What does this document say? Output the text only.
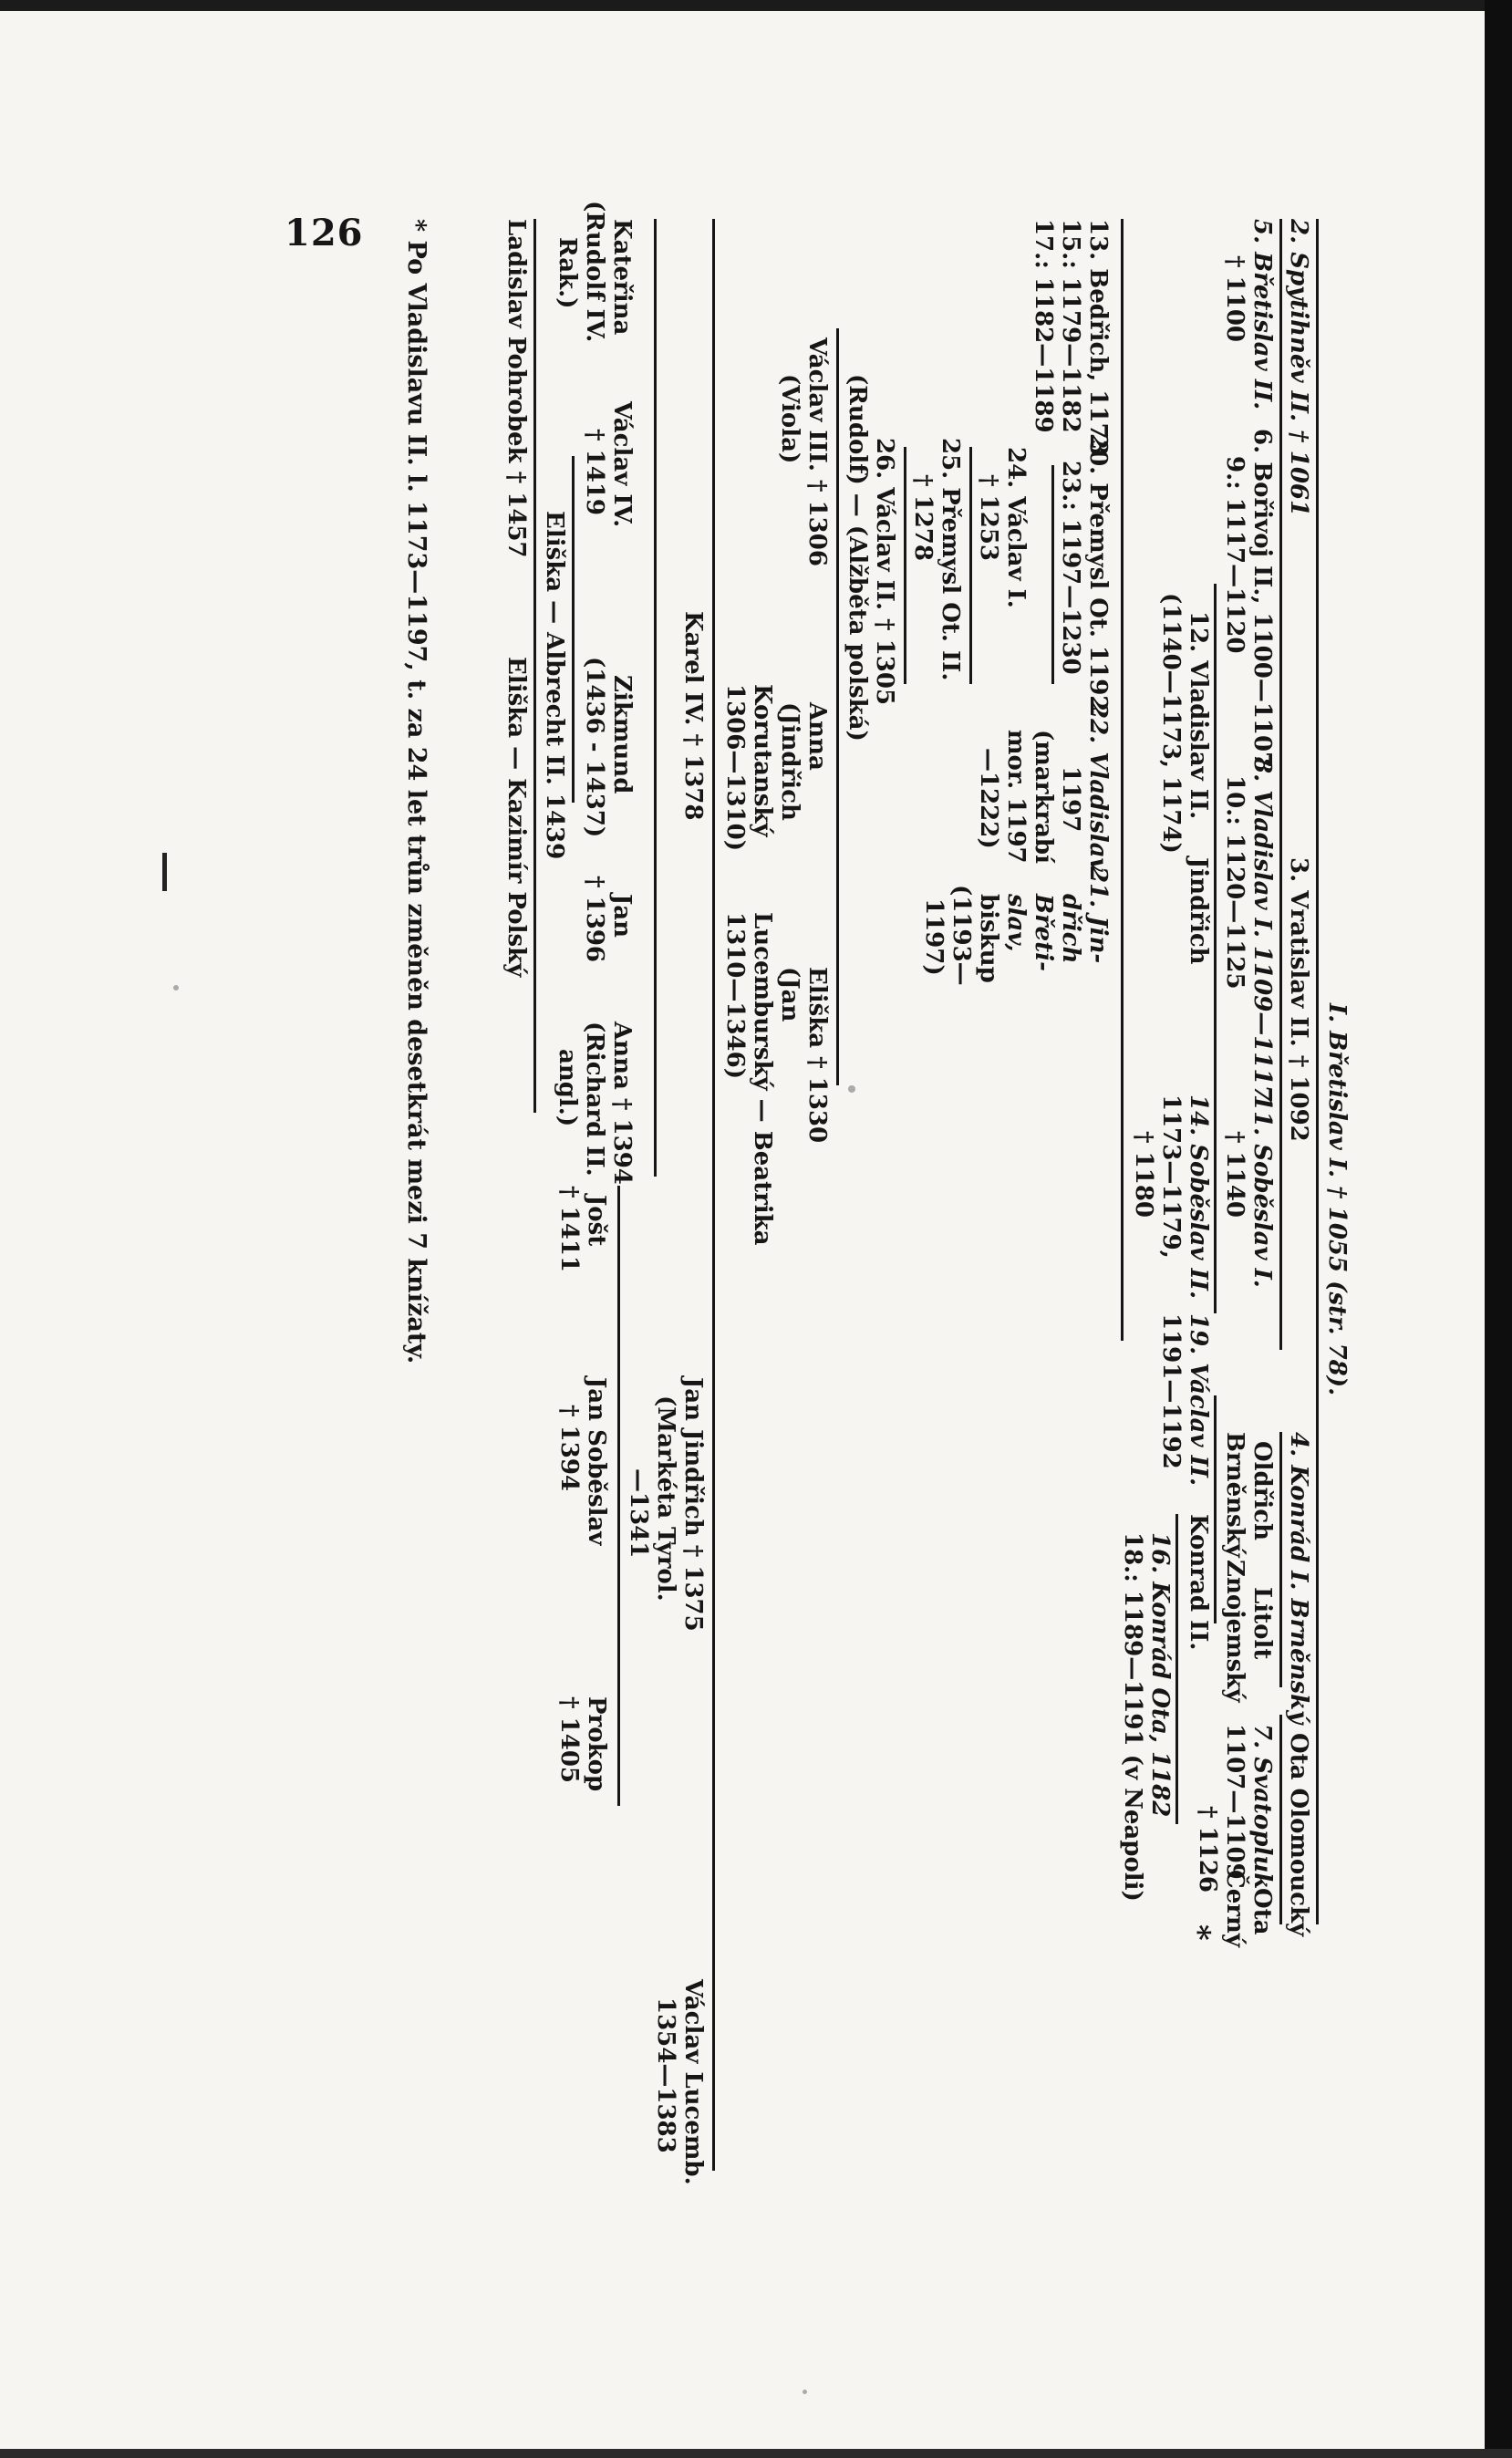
126
I. Břetislav I. † 1055 (str. 78).
2. Spytihněv II. † 1061
3. Vratislav II. † 1092
4. Konrád I. Brněnský
Ota Olomoucký
5. Břetislav II.
† 1100
6. Bořivoj II., 1100—1107
9.: 1117—1120
8. Vladislav I. 1109—1117
10.: 1120—1125
11. Soběslav I.
† 1140
Oldřich
Brněnský
Litolt
Znojemský
7. Svatopluk
1107—1109
† 1126
Ota
Černý
12. Vladislav II.
(1140—1173, 1174)
Jindřich
14. Soběslav II.
1173—1179,
† 1180
19. Václav II.
1191—1192
Konrad II.
16. Konrád Ota, 1182
18.: 1189—1191 (v Neapoli)
*
13. Bedřich, 1173
15.: 1179—1182
17.: 1182—1189
20. Přemysl Ot. 1192
23.: 1197—1230
22. Vladislav
1197
(markrabí
mor. 1197
—1222)
21. Jin-
dřich
Břeti-
slav,
biskup
(1193—
1197)
24. Václav I.
† 1253
25. Přemysl Ot. II.
† 1278
26. Václav II. † 1305
(Rudolf) — (Alžběta polská)
Václav III. † 1306
(Viola)
Anna
(Jindřich
Korutanský
1306—1310)
Eliška † 1330
(Jan
Lucemburský — Beatrika
1310—1346)
Karel IV. † 1378
Jan Jindřich † 1375
(Markéta Tyrol.
—1341
Václav Lucemb.
1354—1383
Kateřina
(Rudolf IV.
Rak.)
Václav IV.
† 1419
Zikmund
(1436 - 1437)
Jan
† 1396
Anna † 1394
(Richard II.
angl.)
Jošt
† 1411
Jan Soběslav
† 1394
Prokop
† 1405
Eliška — Albrecht II. 1439
Ladislav Pohrobek † 1457
Eliška — Kazimír Polský
* Po Vladislavu II. l. 1173—1197, t. za 24 let trůn změněn desetkrát mezi 7 knížaty.
